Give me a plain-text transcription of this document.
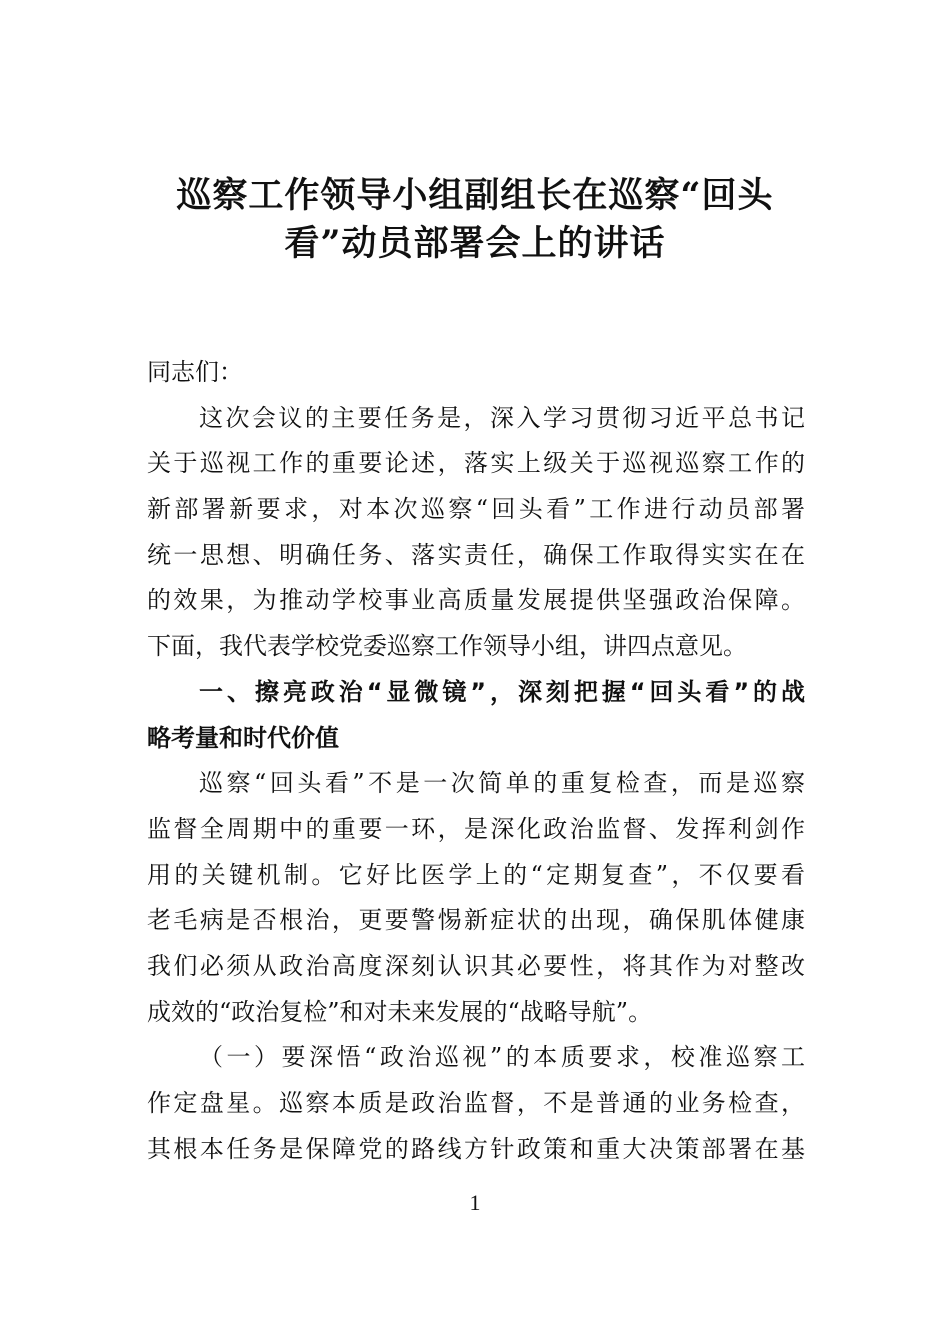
巡察工作领导小组副组长在巡察“回头
看”动员部署会上的讲话
同志们：
这次会议的主要任务是，深入学习贯彻习近平总书记
关于巡视工作的重要论述，落实上级关于巡视巡察工作的
新部署新要求，对本次巡察“回头看”工作进行动员部署
统一思想、明确任务、落实责任，确保工作取得实实在在
的效果，为推动学校事业高质量发展提供坚强政治保障。
下面，我代表学校党委巡察工作领导小组，讲四点意见。
一、擦亮政治“显微镜”，深刻把握“回头看”的战
略考量和时代价值
巡察“回头看”不是一次简单的重复检查，而是巡察
监督全周期中的重要一环，是深化政治监督、发挥利剑作
用的关键机制。它好比医学上的“定期复查”，不仅要看
老毛病是否根治，更要警惕新症状的出现，确保肌体健康
我们必须从政治高度深刻认识其必要性，将其作为对整改
成效的“政治复检”和对未来发展的“战略导航”。
（一）要深悟“政治巡视”的本质要求，校准巡察工
作定盘星。巡察本质是政治监督，不是普通的业务检查，
其根本任务是保障党的路线方针政策和重大决策部署在基
1
